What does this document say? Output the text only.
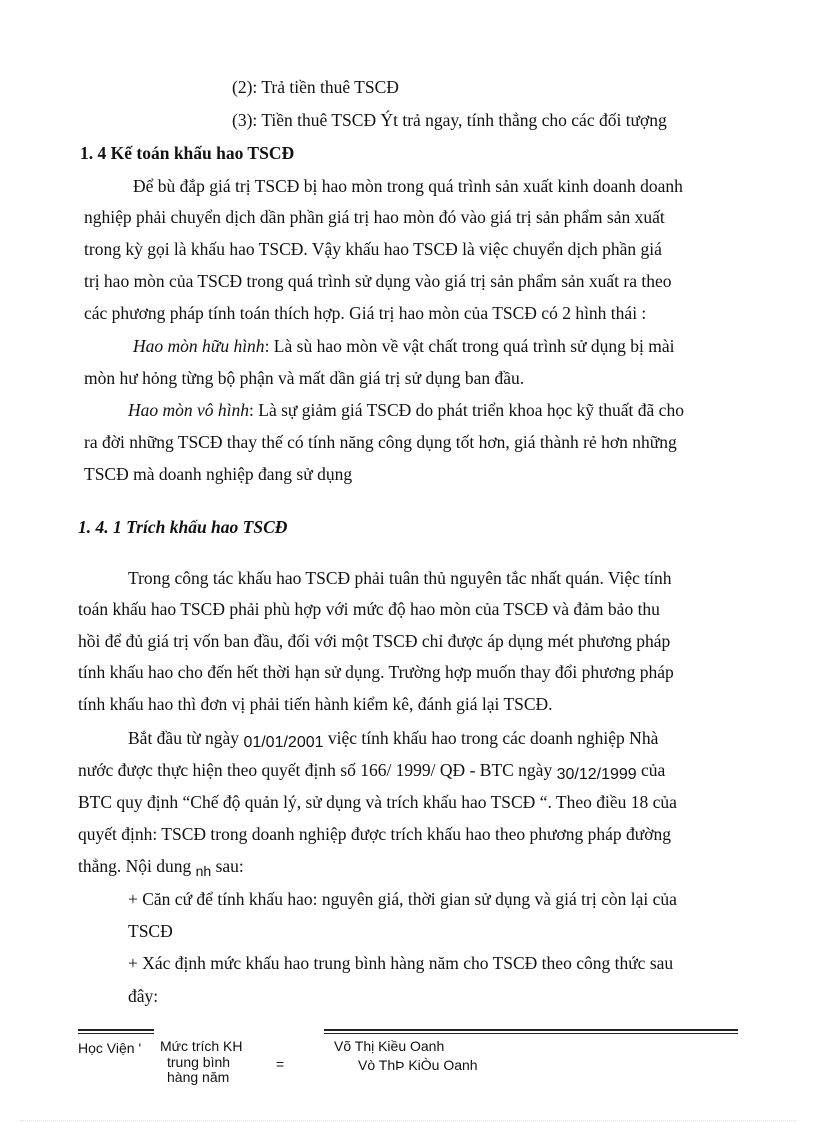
(2): Trả tiền thuê TSCĐ
(3): Tiền thuê TSCĐ Ýt trả ngay, tính thẳng cho các đối tượng
1. 4 Kế toán khấu hao TSCĐ
Để bù đắp giá trị TSCĐ bị hao mòn trong quá trình sản xuất kinh doanh doanh
nghiệp phải chuyển dịch dần phần giá trị hao mòn đó vào giá trị sản phẩm sản xuất
trong kỳ gọi là khấu hao TSCĐ. Vậy khấu hao TSCĐ là việc chuyển dịch phần giá
trị hao mòn của TSCĐ trong quá trình sử dụng vào giá trị sản phẩm sản xuất ra theo
các phương pháp tính toán thích hợp. Giá trị hao mòn của TSCĐ có 2 hình thái :
Hao mòn hữu hình: Là sù hao mòn về vật chất trong quá trình sử dụng bị mài
mòn hư hỏng từng bộ phận và mất dần giá trị sử dụng ban đầu.
Hao mòn vô hình: Là sự giảm giá TSCĐ do phát triển khoa học kỹ thuất đã cho
ra đời những TSCĐ thay thế có tính năng công dụng tốt hơn, giá thành rẻ hơn những
TSCĐ mà doanh nghiệp đang sử dụng
1. 4. 1 Trích khấu hao TSCĐ
Trong công tác khấu hao TSCĐ phải tuân thủ nguyên tắc nhất quán. Việc tính
toán khấu hao TSCĐ phải phù hợp với mức độ hao mòn của TSCĐ và đảm bảo thu
hồi để đủ giá trị vốn ban đầu, đối với một TSCĐ chỉ được áp dụng mét phương pháp
tính khấu hao cho đến hết thời hạn sử dụng. Trường hợp muốn thay đổi phương pháp
tính khấu hao thì đơn vị phải tiến hành kiểm kê, đánh giá lại TSCĐ.
Bắt đầu từ ngày 01/01/2001 việc tính khấu hao trong các doanh nghiệp Nhà
nước được thực hiện theo quyết định số 166/ 1999/ QĐ - BTC ngày 30/12/1999 của
BTC quy định “Chế độ quản lý, sử dụng và trích khấu hao TSCĐ “. Theo điều 18 của
quyết định: TSCĐ trong doanh nghiệp được trích khấu hao theo phương pháp đường
thẳng. Nội dung $_{nh}$ sau:
+ Căn cứ để tính khấu hao: nguyên giá, thời gian sử dụng và giá trị còn lại của
TSCĐ
+ Xác định mức khấu hao trung bình hàng năm cho TSCĐ theo công thức sau
đây:
Học Viện ' Mức trích KH
trung bình
hàng năm
=
Võ Thị Kiều Oanh
Vò ThÞ KiÒu Oanh
